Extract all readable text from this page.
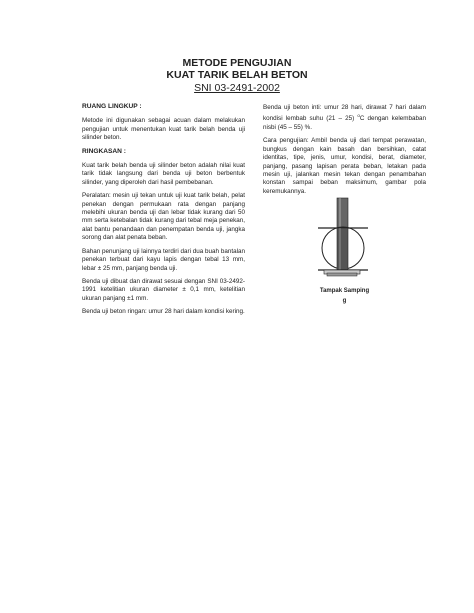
METODE PENGUJIAN
KUAT TARIK BELAH BETON
SNI 03-2491-2002
RUANG LINGKUP :

Metode ini digunakan sebagai acuan dalam melakukan pengujian untuk menentukan kuat tarik belah benda uji silinder beton.

RINGKASAN :

Kuat tarik belah benda uji silinder beton adalah nilai kuat tarik tidak langsung dari benda uji beton berbentuk silinder, yang diperoleh dari hasil pembebanan.

Peralatan: mesin uji tekan untuk uji kuat tarik belah, pelat penekan dengan permukaan rata dengan panjang melebihi ukuran benda uji dan lebar tidak kurang dari 50 mm serta ketebalan tidak kurang dari tebal meja penekan, alat bantu penandaan dan penempatan benda uji, jangka sorong dan alat penata beban.

Bahan penunjang uji lainnya terdiri dari dua buah bantalan penekan terbuat dari kayu lapis dengan tebal 13 mm, lebar ± 25 mm, panjang benda uji.

Benda uji dibuat dan dirawat sesuai dengan SNI 03-2492-1991 ketelitian ukuran diameter ± 0,1 mm, ketelitian ukuran panjang ±1 mm.

Benda uji beton ringan: umur 28 hari dalam kondisi kering.

Benda uji beton inti: umur 28 hari, dirawat 7 hari dalam kondisi lembab suhu (21 – 25) $^o$C dengan kelembaban nisbi (45 – 55) %.

Cara pengujian: Ambil benda uji dari tempat perawatan, bungkus dengan kain basah dan bersihkan, catat identitas, tipe, jenis, umur, kondisi, berat, diameter, panjang, pasang lapisan perata beban, letakan pada mesin uji, jalankan mesin tekan dengan penambahan konstan sampai beban maksimum, gambar pola keremukannya.

Tampak Samping
g
